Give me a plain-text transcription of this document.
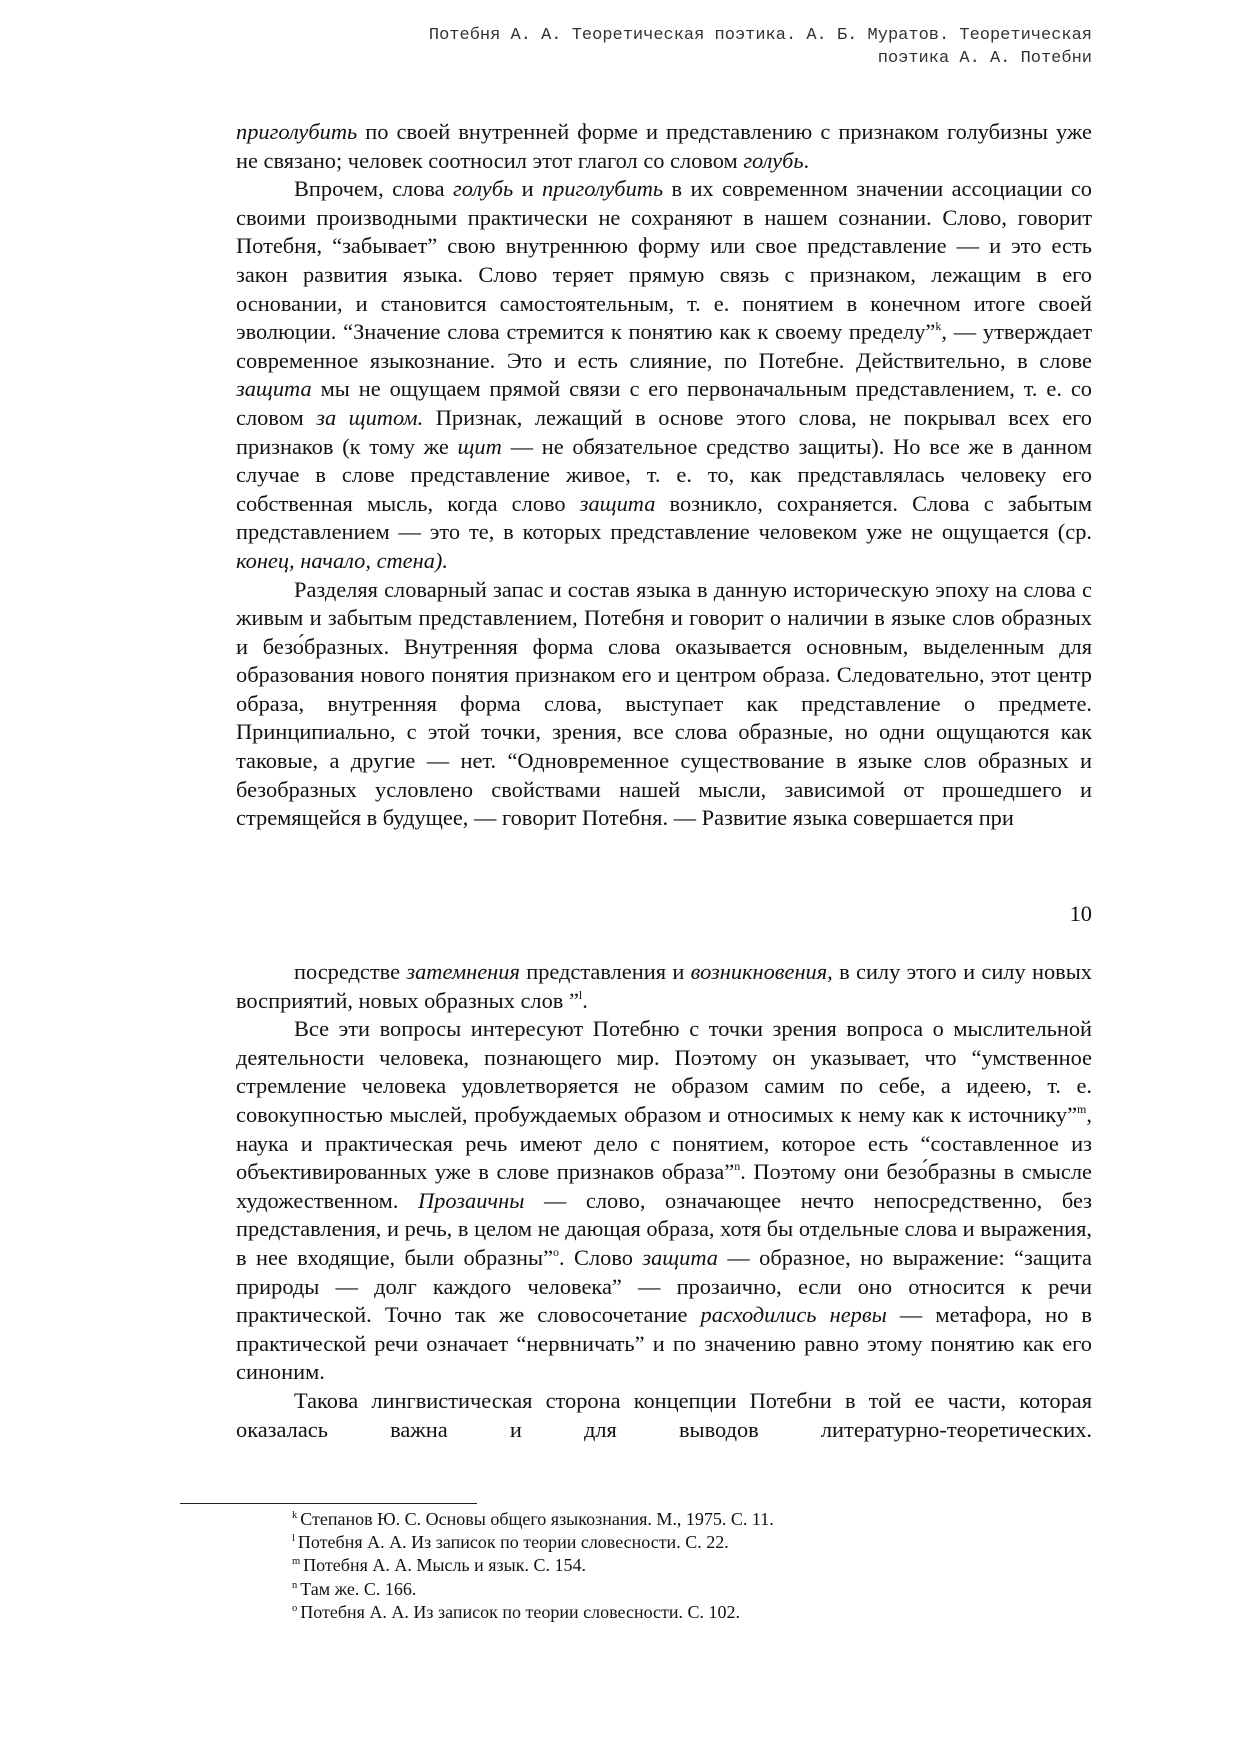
Потебня А. А. Теоретическая поэтика. А. Б. Муратов. Теоретическая
поэтика А. А. Потебни

приголубить по своей внутренней форме и представлению с признаком голубизны уже не связано; человек соотносил этот глагол со словом голубь.

Впрочем, слова голубь и приголубить в их современном значении ассоциации со своими производными практически не сохраняют в нашем сознании. Слово, говорит Потебня, “забывает” свою внутреннюю форму или свое представление — и это есть закон развития языка. Слово теряет прямую связь с признаком, лежащим в его основании, и становится самостоятельным, т. е. понятием в конечном итоге своей эволюции. “Значение слова стремится к понятию как к своему пределу”$^k$, — утверждает современное языкознание. Это и есть слияние, по Потебне. Действительно, в слове защита мы не ощущаем прямой связи с его первоначальным представлением, т. е. со словом за щитом. Признак, лежащий в основе этого слова, не покрывал всех его признаков (к тому же щит — не обязательное средство защиты). Но все же в данном случае в слове представление живое, т. е. то, как представлялась человеку его собственная мысль, когда слово защита возникло, сохраняется. Слова с забытым представлением — это те, в которых представление человеком уже не ощущается (ср. конец, начало, стена).

Разделяя словарный запас и состав языка в данную историческую эпоху на слова с живым и забытым представлением, Потебня и говорит о наличии в языке слов образных и безо́бразных. Внутренняя форма слова оказывается основным, выделенным для образования нового понятия признаком его и центром образа. Следовательно, этот центр образа, внутренняя форма слова, выступает как представление о предмете. Принципиально, с этой точки, зрения, все слова образные, но одни ощущаются как таковые, а другие — нет. “Одновременное существование в языке слов образных и безобразных условлено свойствами нашей мысли, зависимой от прошедшего и стремящейся в будущее, — говорит Потебня. — Развитие языка совершается при

10

посредстве затемнения представления и возникновения, в силу этого и силу новых восприятий, новых образных слов ”$^l$.

Все эти вопросы интересуют Потебню с точки зрения вопроса о мыслительной деятельности человека, познающего мир. Поэтому он указывает, что “умственное стремление человека удовлетворяется не образом самим по себе, а идеею, т. е. совокупностью мыслей, пробуждаемых образом и относимых к нему как к источнику”$^m$, наука и практическая речь имеют дело с понятием, которое есть “составленное из объективированных уже в слове признаков образа”$^n$. Поэтому они безо́бразны в смысле художественном. Прозаичны — слово, означающее нечто непосредственно, без представления, и речь, в целом не дающая образа, хотя бы отдельные слова и выражения, в нее входящие, были образны”$^o$. Слово защита — образное, но выражение: “защита природы — долг каждого человека” — прозаично, если оно относится к речи практической. Точно так же словосочетание расходились нервы — метафора, но в практической речи означает “нервничать” и по значению равно этому понятию как его синоним.

Такова лингвистическая сторона концепции Потебни в той ее части, которая оказалась важна и для выводов литературно-теоретических.

$^k$ Степанов Ю. С. Основы общего языкознания. М., 1975. С. 11.
$^l$ Потебня А. А. Из записок по теории словесности. С. 22.
$^m$ Потебня А. А. Мысль и язык. С. 154.
$^n$ Там же. С. 166.
$^o$ Потебня А. А. Из записок по теории словесности. С. 102.
